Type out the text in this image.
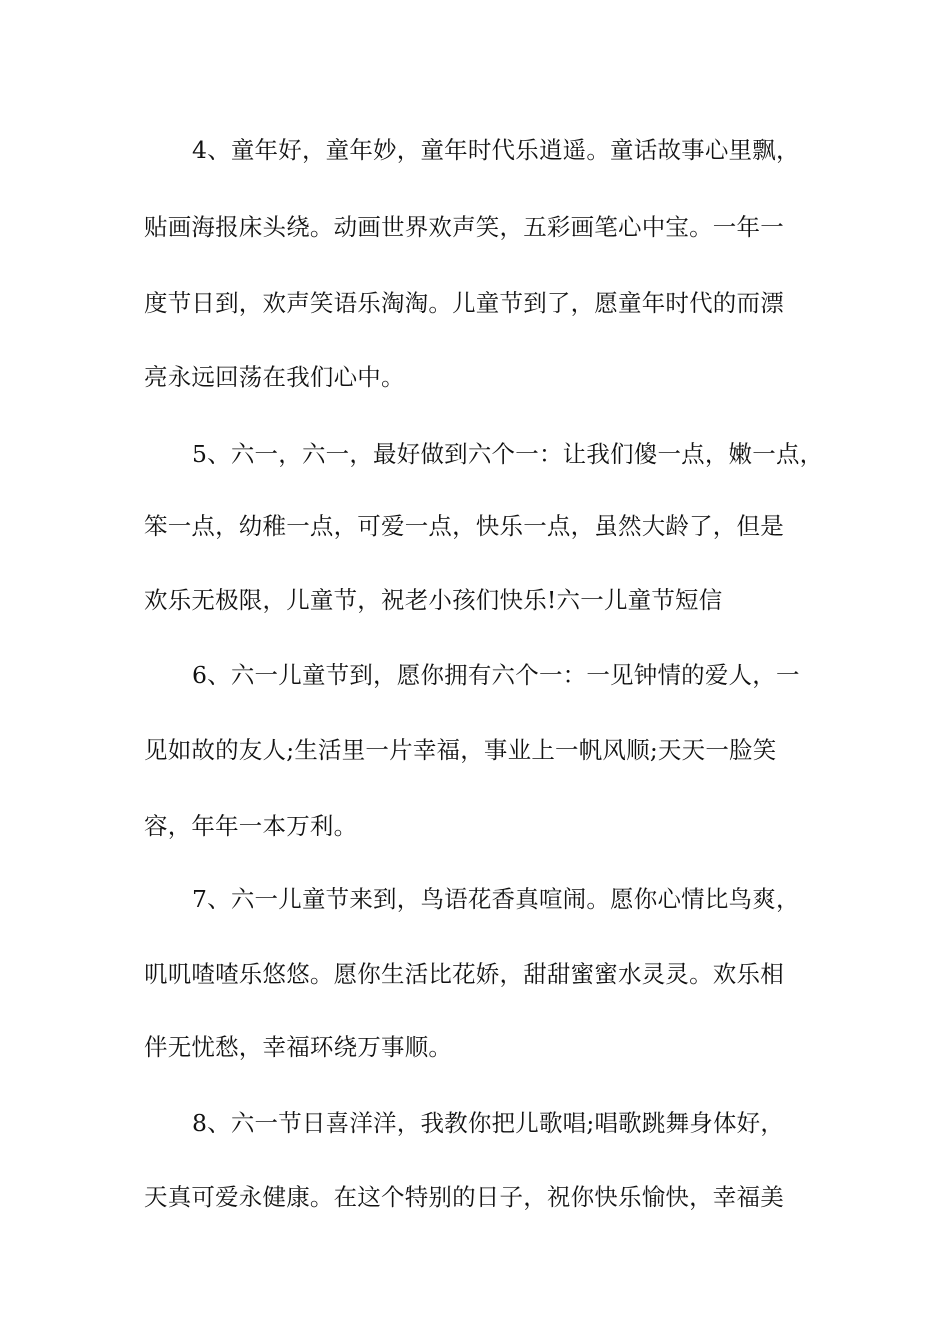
4、童年好，童年妙，童年时代乐逍遥。童话故事心里飘，
贴画海报床头绕。动画世界欢声笑，五彩画笔心中宝。一年一
度节日到，欢声笑语乐淘淘。儿童节到了，愿童年时代的而漂
亮永远回荡在我们心中。
5、六一，六一，最好做到六个一：让我们傻一点，嫩一点，
笨一点，幼稚一点，可爱一点，快乐一点，虽然大龄了，但是
欢乐无极限，儿童节，祝老小孩们快乐!六一儿童节短信
6、六一儿童节到，愿你拥有六个一：一见钟情的爱人，一
见如故的友人;生活里一片幸福，事业上一帆风顺;天天一脸笑
容，年年一本万利。
7、六一儿童节来到，鸟语花香真喧闹。愿你心情比鸟爽，
叽叽喳喳乐悠悠。愿你生活比花娇，甜甜蜜蜜水灵灵。欢乐相
伴无忧愁，幸福环绕万事顺。
8、六一节日喜洋洋，我教你把儿歌唱;唱歌跳舞身体好，
天真可爱永健康。在这个特别的日子，祝你快乐愉快，幸福美
